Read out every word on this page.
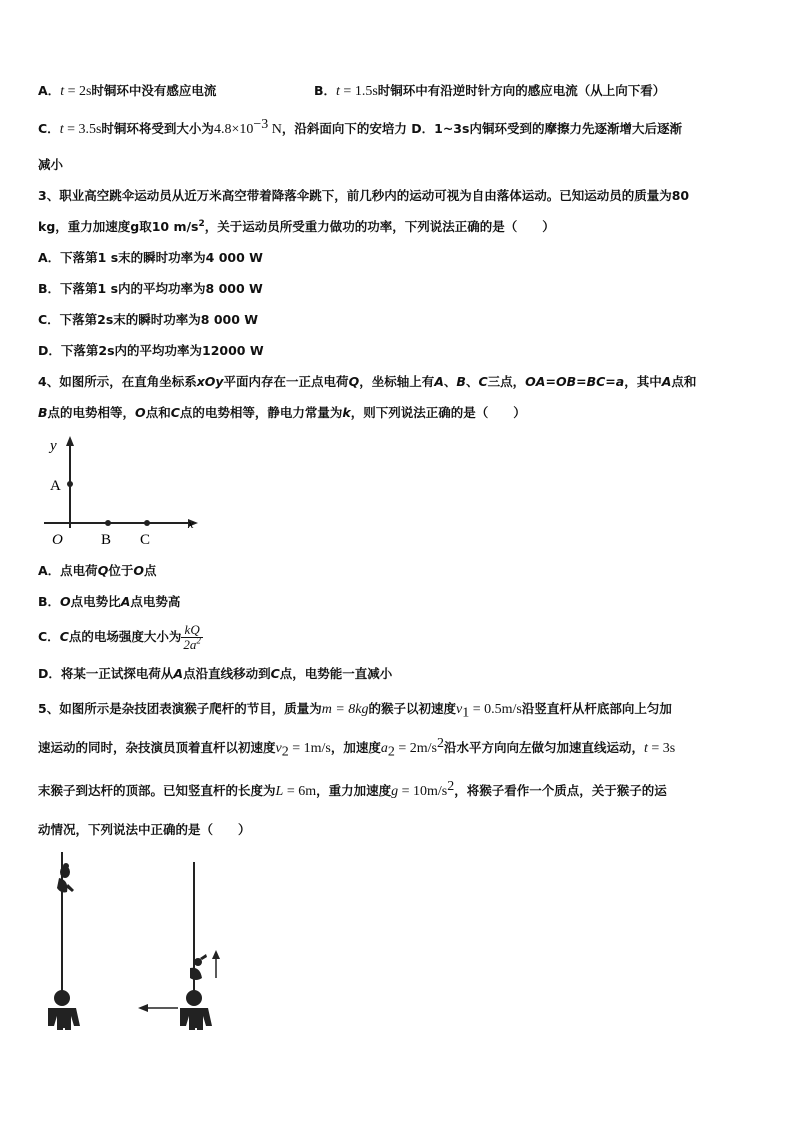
A．t = 2s时铜环中没有感应电流	B．t = 1.5s时铜环中有沿逆时针方向的感应电流（从上向下看）
C．t = 3.5s时铜环将受到大小为$4.8\times 10^{-3}$ N，沿斜面向下的安培力 D．1~3s内铜环受到的摩擦力先逐渐增大后逐渐
减小
3、职业高空跳伞运动员从近万米高空带着降落伞跳下，前几秒内的运动可视为自由落体运动。已知运动员的质量为80
kg，重力加速度g取10 $m/s^2$，关于运动员所受重力做功的功率，下列说法正确的是（　　）
A．下落第1 s末的瞬时功率为4 000 W
B．下落第1 s内的平均功率为8 000 W
C．下落第2s末的瞬时功率为8 000 W
D．下落第2s内的平均功率为12000 W
4、如图所示，在直角坐标系xOy平面内存在一正点电荷Q，坐标轴上有A、B、C三点，OA=OB=BC=a，其中A点和
B点的电势相等，O点和C点的电势相等，静电力常量为k，则下列说法正确的是（　　）
y
A
O	B C
x
A．点电荷Q位于O点
B．O点电势比A点电势高
C．C点的电场强度大小为 $\frac{kQ}{2a^2}$
D．将某一正试探电荷从A点沿直线移动到C点，电势能一直减小
5、如图所示是杂技团表演猴子爬杆的节目，质量为m = 8kg的猴子以初速度$v_1 = 0.5m/s$沿竖直杆从杆底部向上匀加
速运动的同时，杂技演员顶着直杆以初速度$v_2 = 1m/s$，加速度$a_2 = 2m/s^2$沿水平方向向左做匀加速直线运动，t = 3s
末猴子到达杆的顶部。已知竖直杆的长度为L = 6m，重力加速度$g = 10m/s^2$，将猴子看作一个质点，关于猴子的运
动情况，下列说法中正确的是（　　）
